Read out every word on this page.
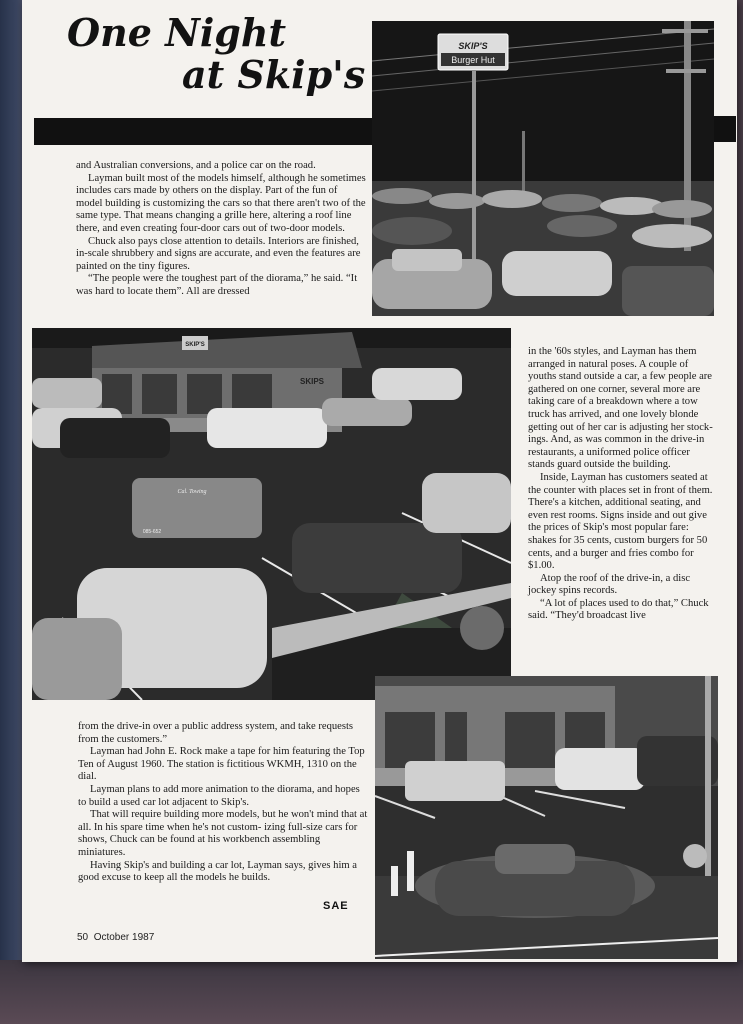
One Night
at Skip's
SKIP'S
Burger Hut

and Australian conversions, and a police car on the road.

Layman built most of the models himself, although he sometimes includes cars made by others on the display. Part of the fun of model building is customizing the cars so that there aren't two of the same type. That means changing a grille here, altering a roof line there, and even creating four-door cars out of two-door models.

Chuck also pays close attention to details. Interiors are finished, in-scale shrubbery and signs are accurate, and even the features are painted on the tiny figures.

“The people were the toughest part of the diorama,” he said. “It was hard to locate them”. All are dressed

SKIP'S
SKIPS
Cal. Towing
085-652

in the '60s styles, and Layman has them arranged in natural poses. A couple of youths stand outside a car, a few people are gathered on one corner, several more are taking care of a breakdown where a tow truck has arrived, and one lovely blonde getting out of her car is adjusting her stock- ings. And, as was common in the drive-in restaurants, a uniformed police officer stands guard outside the building.

Inside, Layman has customers seated at the counter with places set in front of them. There's a kitchen, additional seating, and even rest rooms. Signs inside and out give the prices of Skip's most popular fare: shakes for 35 cents, custom burgers for 50 cents, and a burger and fries combo for $1.00.

Atop the roof of the drive-in, a disc jockey spins records.

“A lot of places used to do that,” Chuck said. “They'd broadcast live

from the drive-in over a public address system, and take requests from the customers.”

Layman had John E. Rock make a tape for him featuring the Top Ten of August 1960. The station is fictitious WKMH, 1310 on the dial.

Layman plans to add more animation to the diorama, and hopes to build a used car lot adjacent to Skip's.

That will require building more models, but he won't mind that at all. In his spare time when he's not custom- izing full-size cars for shows, Chuck can be found at his workbench assembling miniatures.

Having Skip's and building a car lot, Layman says, gives him a good excuse to keep all the models he builds.

SAE
50 October 1987
